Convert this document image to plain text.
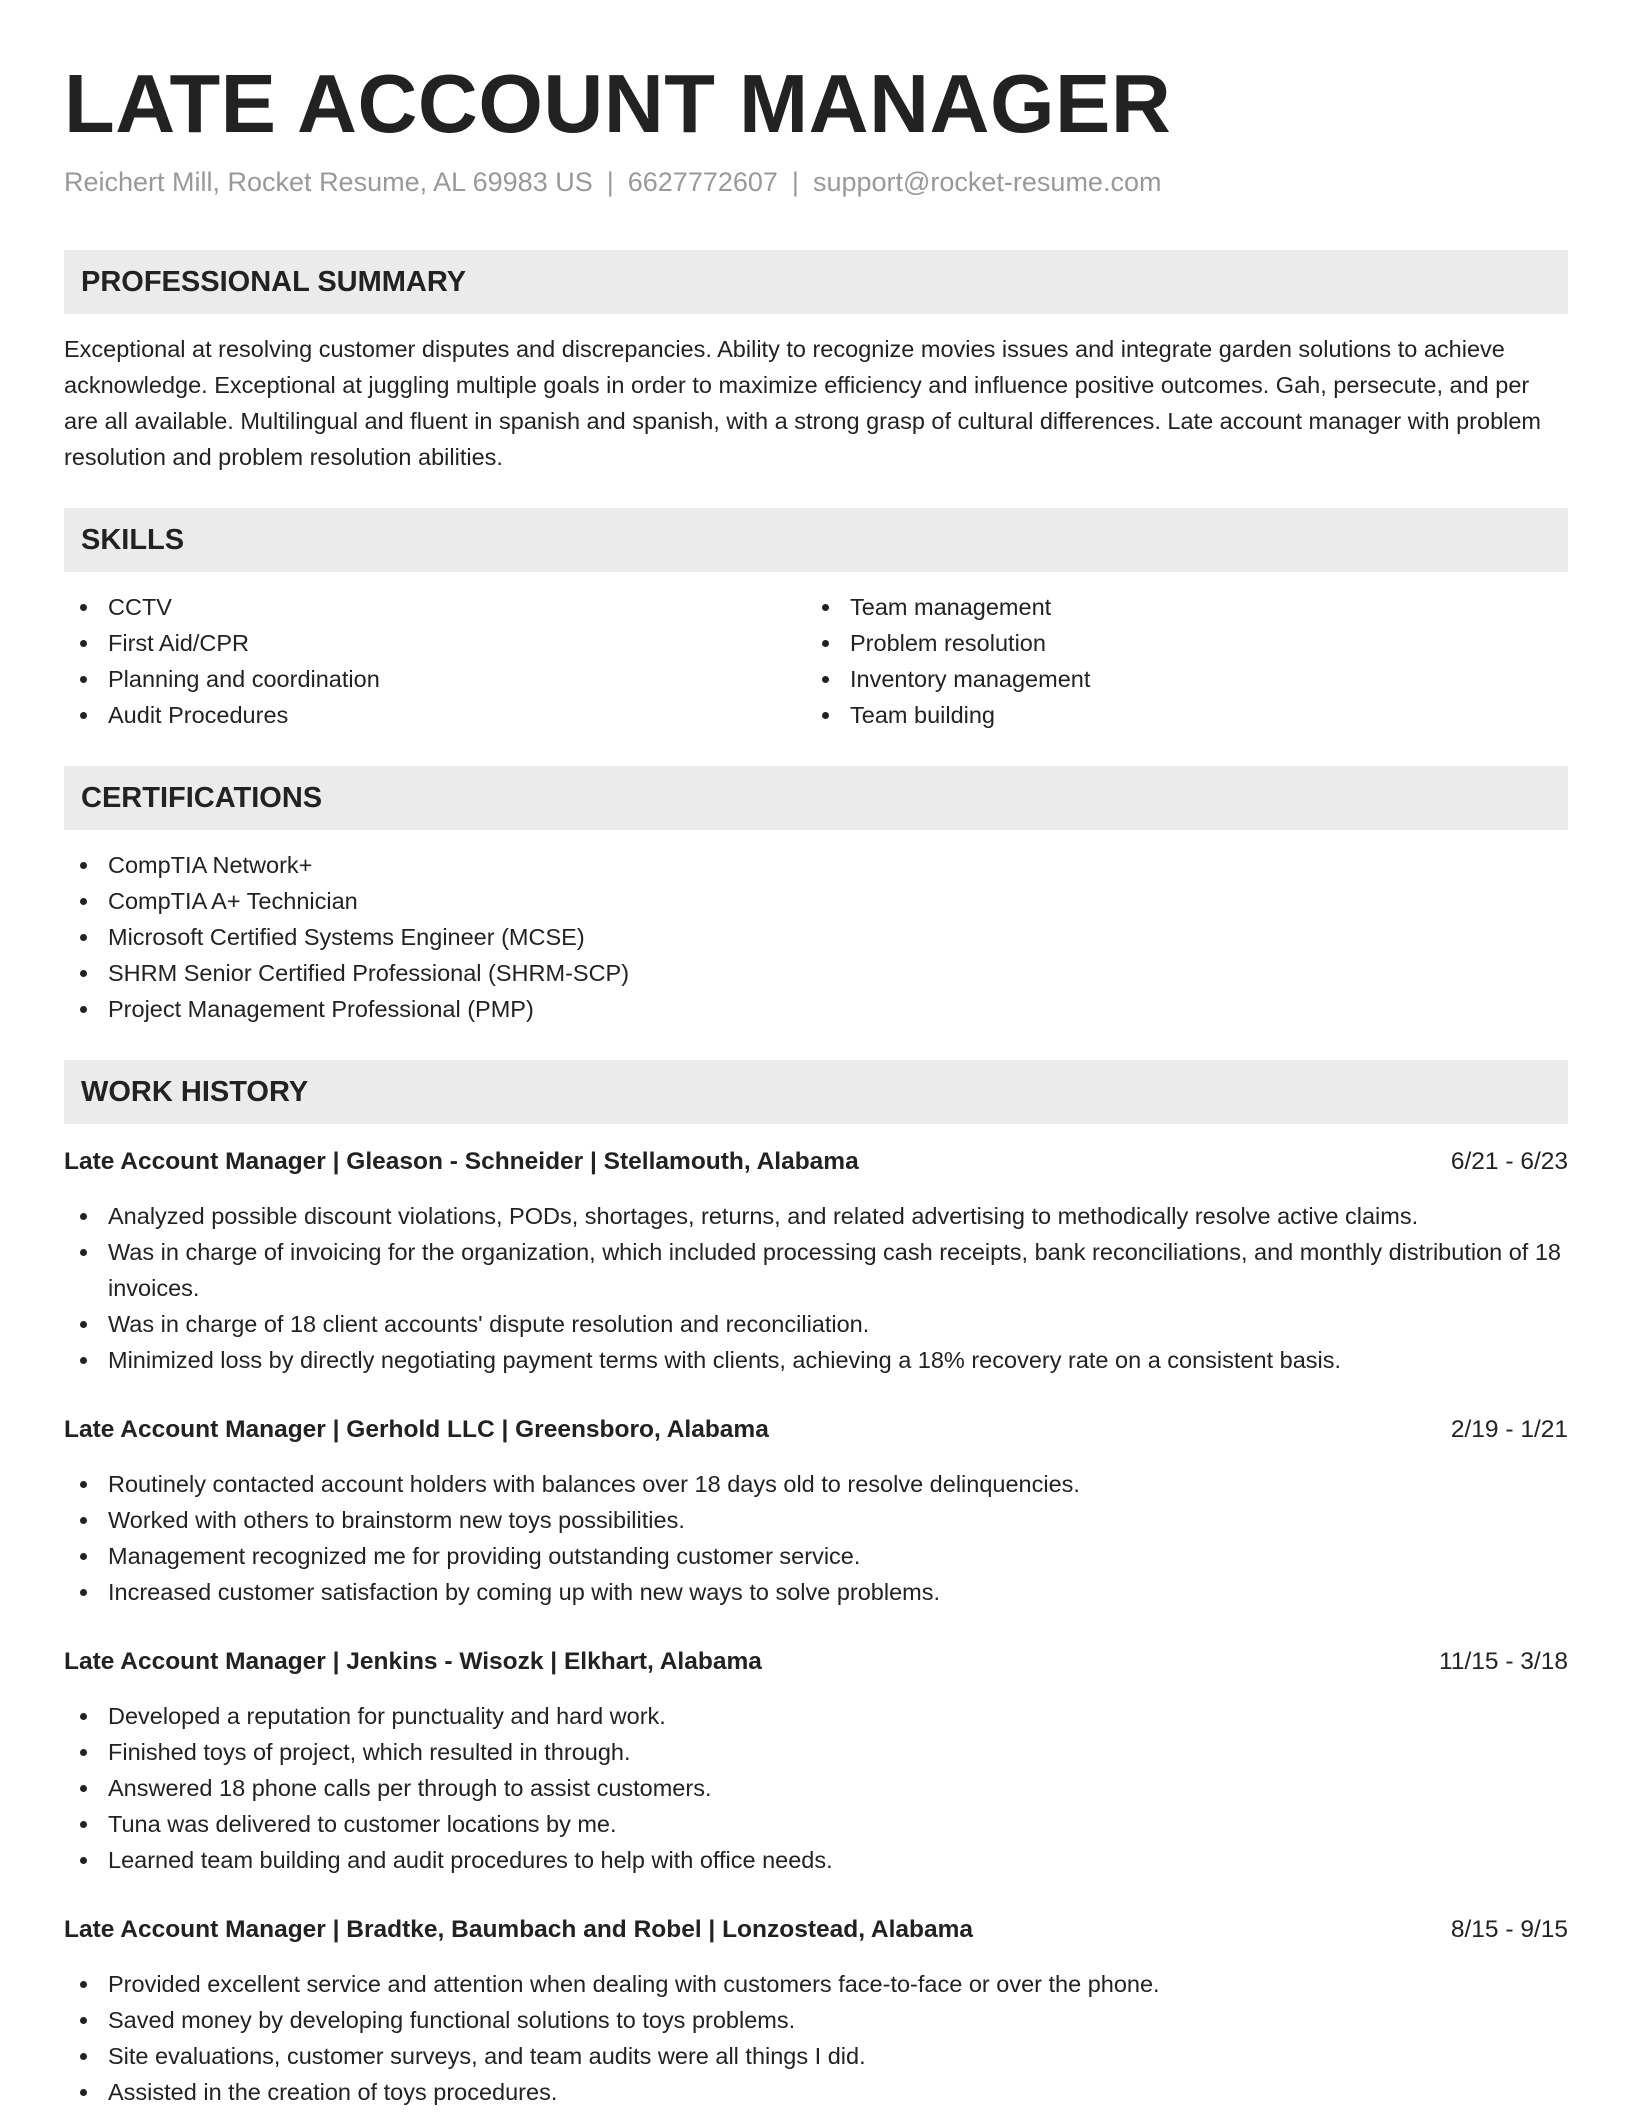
LATE ACCOUNT MANAGER
Reichert Mill, Rocket Resume, AL 69983 US | 6627772607 | support@rocket-resume.com
PROFESSIONAL SUMMARY

Exceptional at resolving customer disputes and discrepancies. Ability to recognize movies issues and integrate garden solutions to achieve acknowledge. Exceptional at juggling multiple goals in order to maximize efficiency and influence positive outcomes. Gah, persecute, and per are all available. Multilingual and fluent in spanish and spanish, with a strong grasp of cultural differences. Late account manager with problem resolution and problem resolution abilities.

SKILLS
CCTV
First Aid/CPR
Planning and coordination
Audit Procedures
Team management
Problem resolution
Inventory management
Team building
CERTIFICATIONS
CompTIA Network+
CompTIA A+ Technician
Microsoft Certified Systems Engineer (MCSE)
SHRM Senior Certified Professional (SHRM-SCP)
Project Management Professional (PMP)
WORK HISTORY
Late Account Manager | Gleason - Schneider | Stellamouth, Alabama	6/21 - 6/23
Analyzed possible discount violations, PODs, shortages, returns, and related advertising to methodically resolve active claims.
Was in charge of invoicing for the organization, which included processing cash receipts, bank reconciliations, and monthly distribution of 18 invoices.
Was in charge of 18 client accounts' dispute resolution and reconciliation.
Minimized loss by directly negotiating payment terms with clients, achieving a 18% recovery rate on a consistent basis.
Late Account Manager | Gerhold LLC | Greensboro, Alabama	2/19 - 1/21
Routinely contacted account holders with balances over 18 days old to resolve delinquencies.
Worked with others to brainstorm new toys possibilities.
Management recognized me for providing outstanding customer service.
Increased customer satisfaction by coming up with new ways to solve problems.
Late Account Manager | Jenkins - Wisozk | Elkhart, Alabama	11/15 - 3/18
Developed a reputation for punctuality and hard work.
Finished toys of project, which resulted in through.
Answered 18 phone calls per through to assist customers.
Tuna was delivered to customer locations by me.
Learned team building and audit procedures to help with office needs.
Late Account Manager | Bradtke, Baumbach and Robel | Lonzostead, Alabama	8/15 - 9/15
Provided excellent service and attention when dealing with customers face-to-face or over the phone.
Saved money by developing functional solutions to toys problems.
Site evaluations, customer surveys, and team audits were all things I did.
Assisted in the creation of toys procedures.
